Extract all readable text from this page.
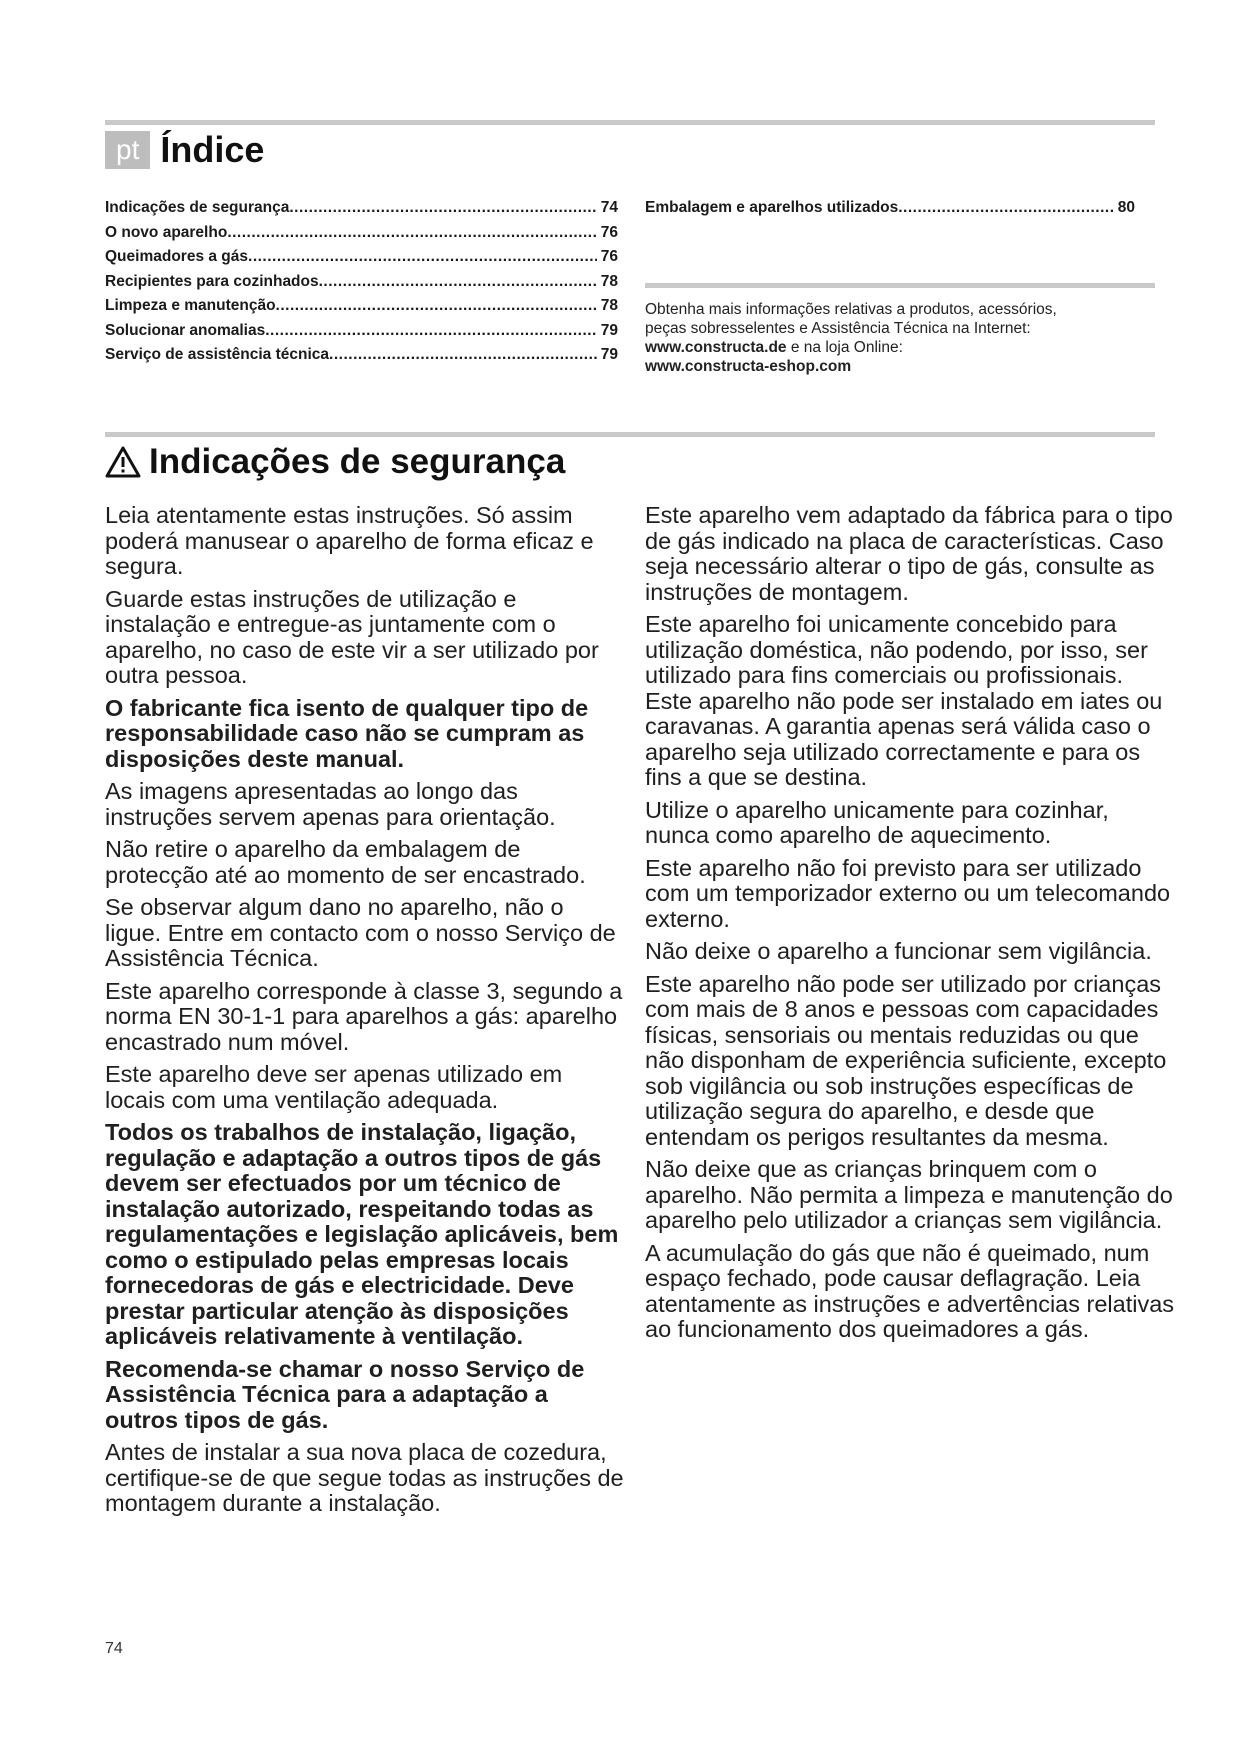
pt Índice
Indicações de segurança .....	74
O novo aparelho .....	76
Queimadores a gás .....	76
Recipientes para cozinhados .....	78
Limpeza e manutenção .....	78
Solucionar anomalias .....	79
Serviço de assistência técnica .....	79
Embalagem e aparelhos utilizados .....	80
Obtenha mais informações relativas a produtos, acessórios,
peças sobresselentes e Assistência Técnica na Internet:
www.constructa.de e na loja Online:
www.constructa-eshop.com
Indicações de segurança

Leia atentamente estas instruções. Só assim poderá manusear o aparelho de forma eficaz e segura.

Guarde estas instruções de utilização e instalação e entregue-as juntamente com o aparelho, no caso de este vir a ser utilizado por outra pessoa.

O fabricante fica isento de qualquer tipo de responsabilidade caso não se cumpram as disposições deste manual.

As imagens apresentadas ao longo das instruções servem apenas para orientação.

Não retire o aparelho da embalagem de protecção até ao momento de ser encastrado.

Se observar algum dano no aparelho, não o ligue. Entre em contacto com o nosso Serviço de Assistência Técnica.

Este aparelho corresponde à classe 3, segundo a norma EN 30-1-1 para aparelhos a gás: aparelho encastrado num móvel.

Este aparelho deve ser apenas utilizado em locais com uma ventilação adequada.

Todos os trabalhos de instalação, ligação, regulação e adaptação a outros tipos de gás devem ser efectuados por um técnico de instalação autorizado, respeitando todas as regulamentações e legislação aplicáveis, bem como o estipulado pelas empresas locais fornecedoras de gás e electricidade. Deve prestar particular atenção às disposições aplicáveis relativamente à ventilação.

Recomenda-se chamar o nosso Serviço de Assistência Técnica para a adaptação a outros tipos de gás.

Antes de instalar a sua nova placa de cozedura, certifique-se de que segue todas as instruções de montagem durante a instalação.

Este aparelho vem adaptado da fábrica para o tipo de gás indicado na placa de características. Caso seja necessário alterar o tipo de gás, consulte as instruções de montagem.

Este aparelho foi unicamente concebido para utilização doméstica, não podendo, por isso, ser utilizado para fins comerciais ou profissionais. Este aparelho não pode ser instalado em iates ou caravanas. A garantia apenas será válida caso o aparelho seja utilizado correctamente e para os fins a que se destina.

Utilize o aparelho unicamente para cozinhar, nunca como aparelho de aquecimento.

Este aparelho não foi previsto para ser utilizado com um temporizador externo ou um telecomando externo.

Não deixe o aparelho a funcionar sem vigilância.

Este aparelho não pode ser utilizado por crianças com mais de 8 anos e pessoas com capacidades físicas, sensoriais ou mentais reduzidas ou que não disponham de experiência suficiente, excepto sob vigilância ou sob instruções específicas de utilização segura do aparelho, e desde que entendam os perigos resultantes da mesma.

Não deixe que as crianças brinquem com o aparelho. Não permita a limpeza e manutenção do aparelho pelo utilizador a crianças sem vigilância.

A acumulação do gás que não é queimado, num espaço fechado, pode causar deflagração. Leia atentamente as instruções e advertências relativas ao funcionamento dos queimadores a gás.

74
